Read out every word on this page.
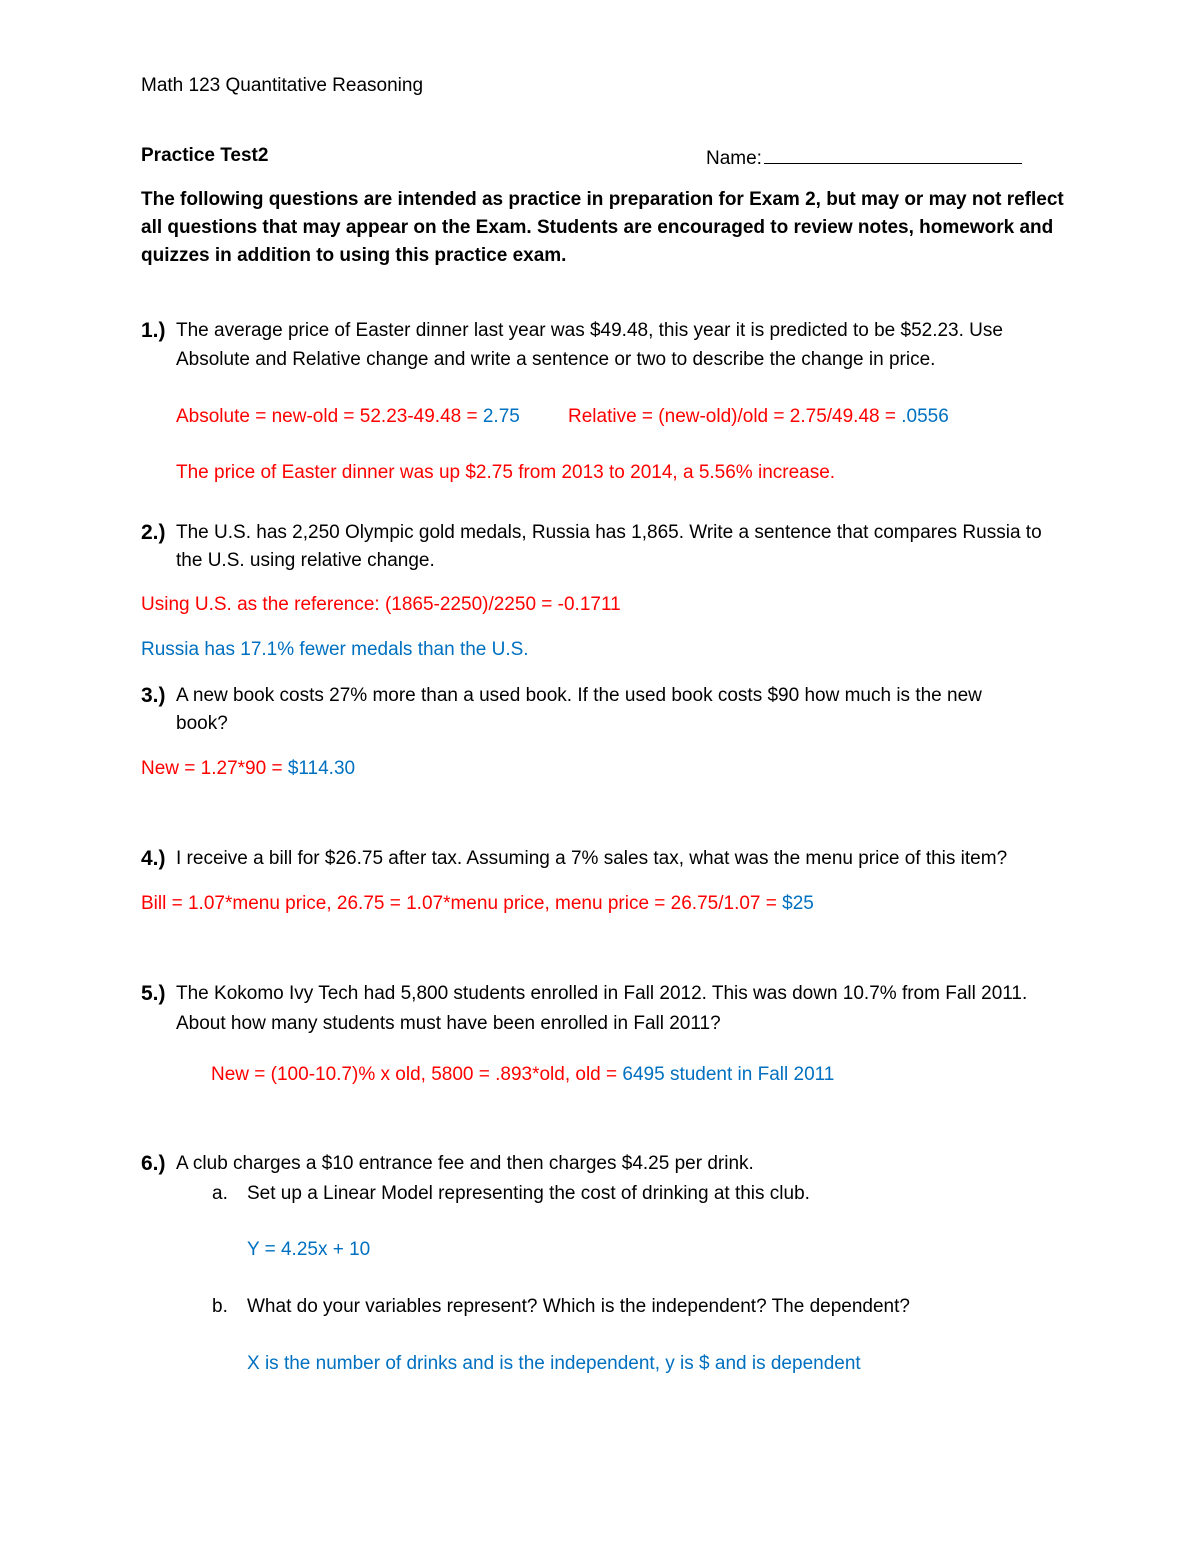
Math 123 Quantitative Reasoning
Practice Test2	Name:
The following questions are intended as practice in preparation for Exam 2, but may or may not reflect
all questions that may appear on the Exam. Students are encouraged to review notes, homework and
quizzes in addition to using this practice exam.
1.) The average price of Easter dinner last year was $49.48, this year it is predicted to be $52.23. Use
Absolute and Relative change and write a sentence or two to describe the change in price.
Absolute = new-old = 52.23-49.48 = 2.75	Relative = (new-old)/old = 2.75/49.48 = .0556
The price of Easter dinner was up $2.75 from 2013 to 2014, a 5.56% increase.
2.) The U.S. has 2,250 Olympic gold medals, Russia has 1,865. Write a sentence that compares Russia to
the U.S. using relative change.
Using U.S. as the reference: (1865-2250)/2250 = -0.1711
Russia has 17.1% fewer medals than the U.S.
3.) A new book costs 27% more than a used book. If the used book costs $90 how much is the new
book?
New = 1.27*90 = $114.30
4.) I receive a bill for $26.75 after tax. Assuming a 7% sales tax, what was the menu price of this item?
Bill = 1.07*menu price, 26.75 = 1.07*menu price, menu price = 26.75/1.07 = $25
5.) The Kokomo Ivy Tech had 5,800 students enrolled in Fall 2012. This was down 10.7% from Fall 2011.
About how many students must have been enrolled in Fall 2011?
New = (100-10.7)% x old, 5800 = .893*old, old = 6495 student in Fall 2011
6.) A club charges a $10 entrance fee and then charges $4.25 per drink.
a. Set up a Linear Model representing the cost of drinking at this club.
Y = 4.25x + 10
b. What do your variables represent? Which is the independent? The dependent?
X is the number of drinks and is the independent, y is $ and is dependent
